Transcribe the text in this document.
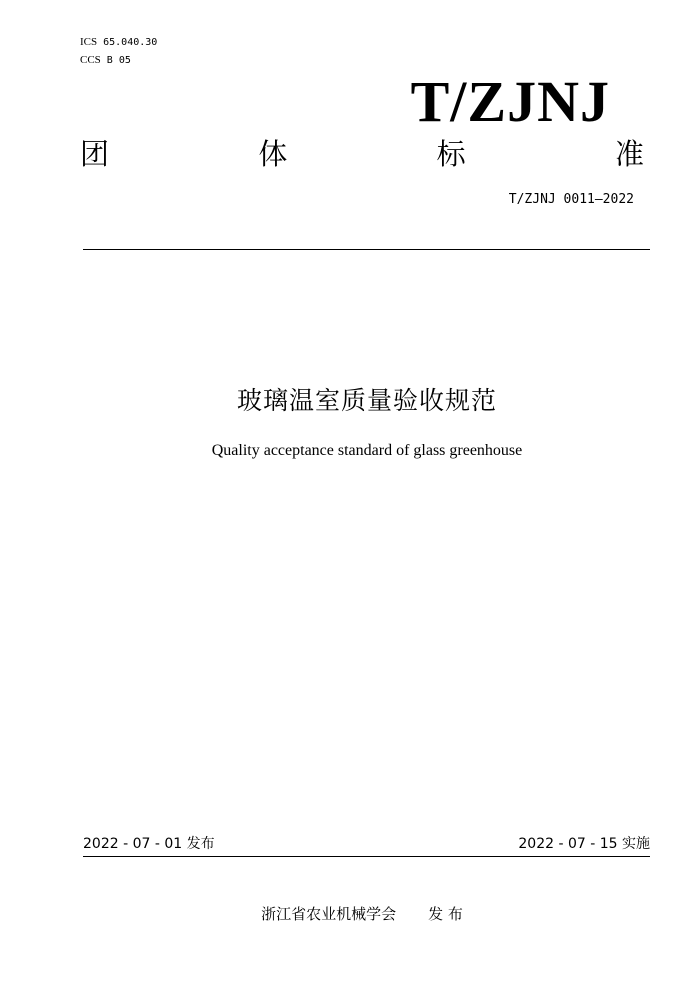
ICS 65.040.30
CCS B 05
T/ZJNJ
团	体	标	准
T/ZJNJ 0011—2022
玻璃温室质量验收规范
Quality acceptance standard of glass greenhouse
2022 - 07 - 01 发布	2022 - 07 - 15 实施
浙江省农业机械学会 发 布
